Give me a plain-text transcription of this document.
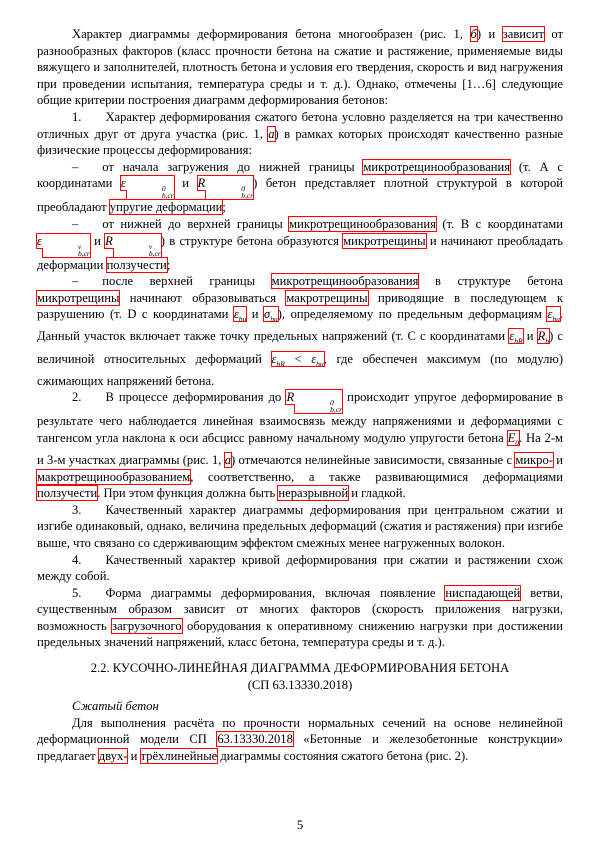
Характер диаграммы деформирования бетона многообразен (рис. 1, б) и зависит от разнообразных факторов (класс прочности бетона на сжатие и растяжение, применяемые виды вяжущего и заполнителей, плотность бетона и условия его твердения, скорость и вид нагружения при проведении испытания, температура среды и т. д.). Однако, отмечены [1…6] следующие общие критерии построения диаграмм деформирования бетонов:

1. Характер деформирования сжатого бетона условно разделяется на три качественно отличных друг от друга участка (рис. 1, а) в рамках которых происходят качественно разные физические процессы деформирования:

– от начала загружения до нижней границы микротрещинообразования (т. А с координатами ε	0
b,cr
и R	0
b,cr
) бетон представляет плотной структурой в которой преобладают упругие деформации;

– от нижней до верхней границы микротрещинообразования (т. В с координатами ε	v
b,cr
и R	v
b,cr
) в структуре бетона образуются микротрещины и начинают преобладать деформации ползучести;

– после верхней границы микротрещинообразования в структуре бетона микротрещины начинают образовываться макротрещины приводящие в последующем к разрушению (т. D с координатами $\varepsilon_{bu}$ и $\sigma_{bu}$), определяемому по предельным деформациям $\varepsilon_{bu}$. Данный участок включает также точку предельных напряжений (т. С с координатами $\varepsilon_{bR}$ и $R_b$) с величиной относительных деформаций $\varepsilon_{bR} < \varepsilon_{bu}$, где обеспечен максимум (по модулю) сжимающих напряжений бетона.

2. В процессе деформирования до R	0
b,cr
происходит упругое деформирование в результате чего наблюдается линейная взаимосвязь между напряжениями и деформациями с тангенсом угла наклона к оси абсцисс равному начальному модулю упругости бетона $E_0$. На 2-м и 3-м участках диаграммы (рис. 1, а) отмечаются нелинейные зависимости, связанные с микро- и макротрещинообразованием, соответственно, а также развивающимися деформациями ползучести. При этом функция должна быть неразрывной и гладкой.

3. Качественный характер диаграммы деформирования при центральном сжатии и изгибе одинаковый, однако, величина предельных деформаций (сжатия и растяжения) при изгибе выше, что связано со сдерживающим эффектом смежных менее нагруженных волокон.

4. Качественный характер кривой деформирования при сжатии и растяжении схож между собой.

5. Форма диаграммы деформирования, включая появление ниспадающей ветви, существенным образом зависит от многих факторов (скорость приложения нагрузки, возможность загрузочного оборудования к оперативному снижению нагрузки при достижении предельных значений напряжений, класс бетона, температура среды и т. д.).

2.2. КУСОЧНО-ЛИНЕЙНАЯ ДИАГРАММА ДЕФОРМИРОВАНИЯ БЕТОНА
(СП 63.13330.2018)

Сжатый бетон

Для выполнения расчёта по прочности нормальных сечений на основе нелинейной деформационной модели СП 63.13330.2018 «Бетонные и железобетонные конструкции» предлагает двух- и трёхлинейные диаграммы состояния сжатого бетона (рис. 2).

5
